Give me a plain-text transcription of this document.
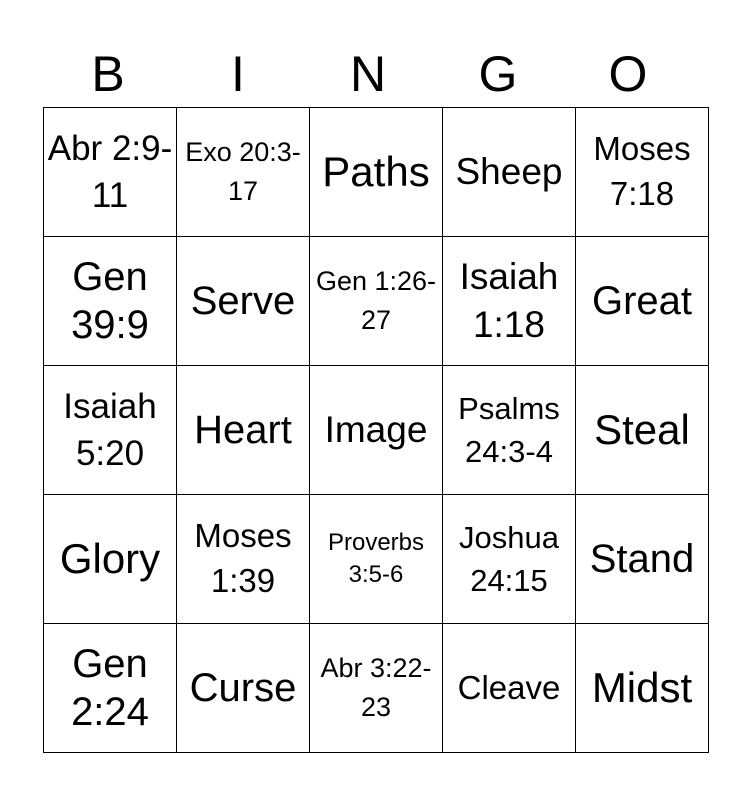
B	I	N	G	O
Abr 2:9-11	Exo 20:3-17	Paths	Sheep	Moses 7:18

Gen 39:9	Serve	Gen 1:26-27	Isaiah 1:18	Great

Isaiah 5:20	Heart	Image	Psalms 24:3-4	Steal

Glory	Moses 1:39	Proverbs 3:5-6	Joshua 24:15	Stand

Gen 2:24	Curse	Abr 3:22-23	Cleave	Midst
